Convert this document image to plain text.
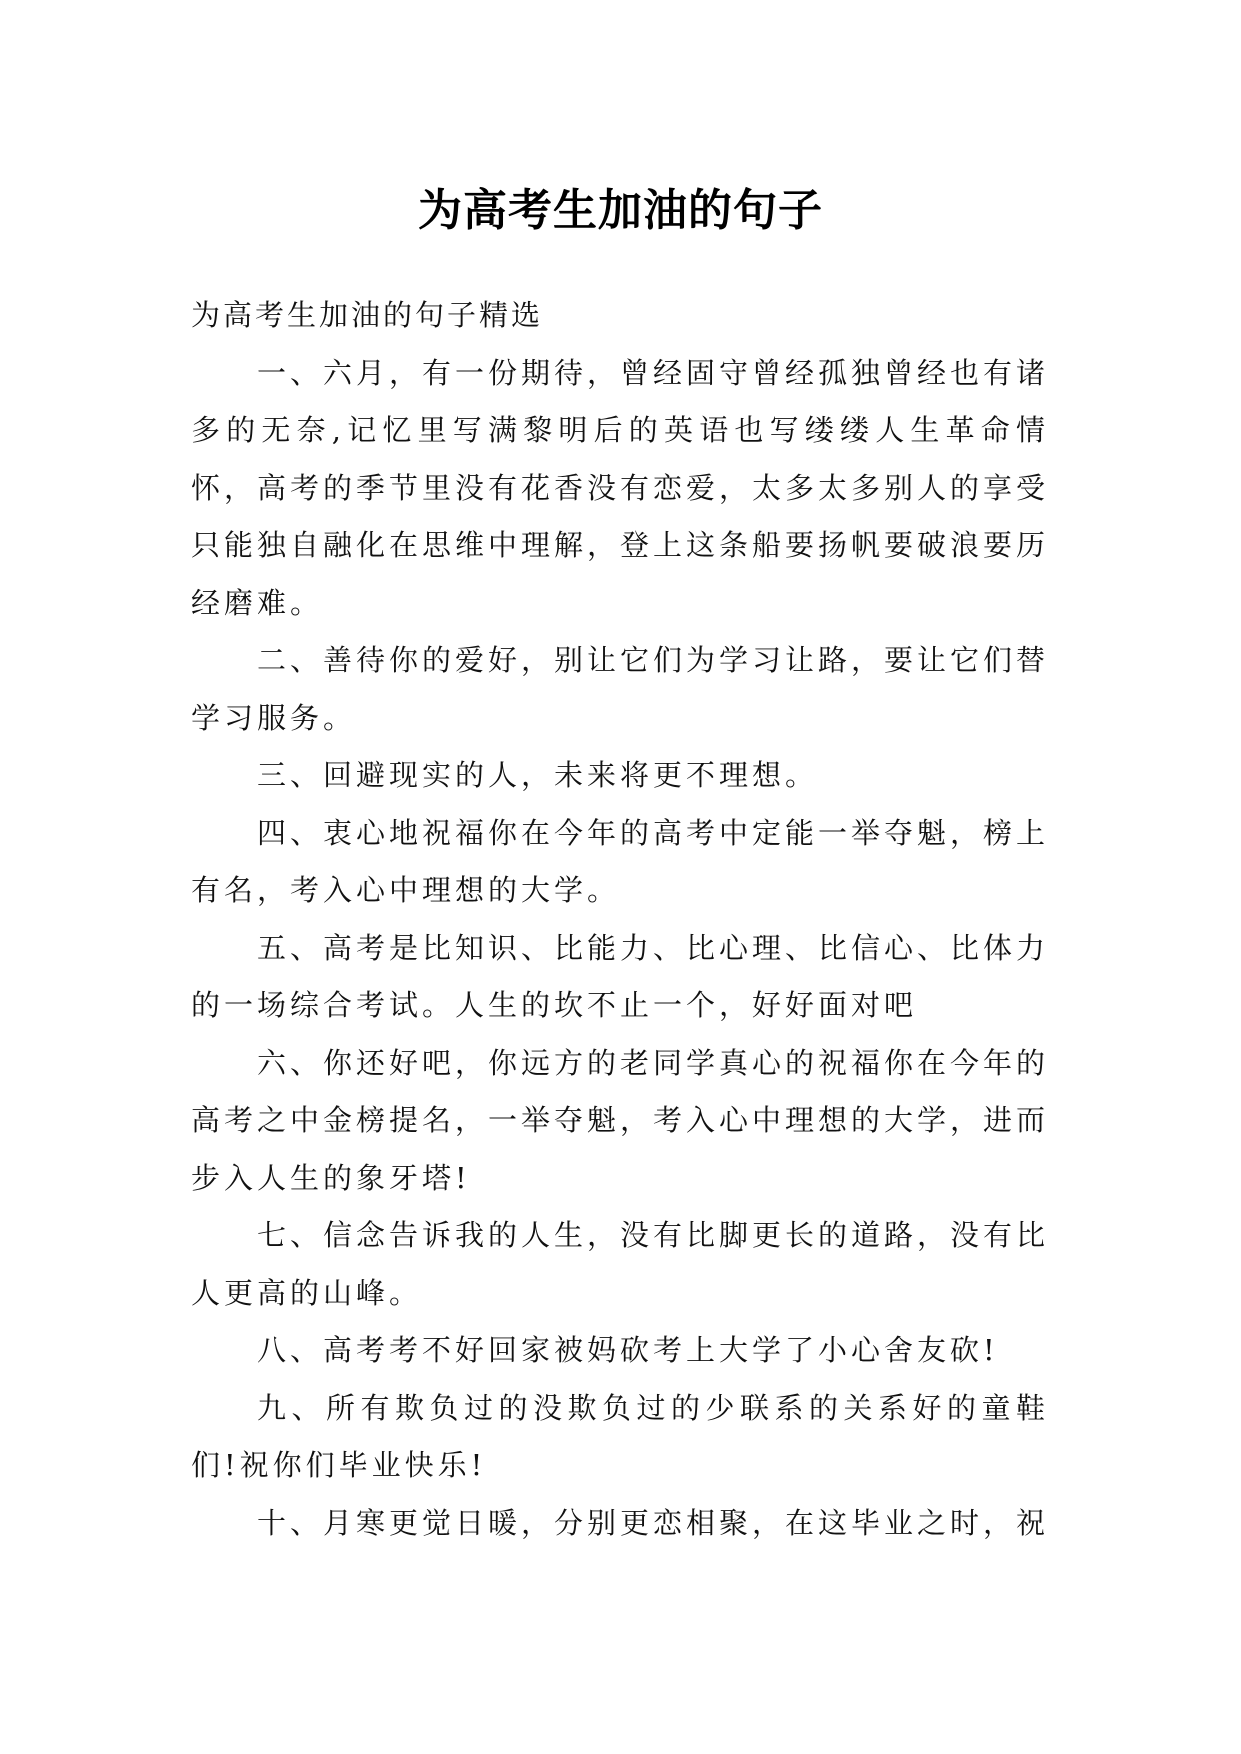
为高考生加油的句子

为高考生加油的句子精选

一、六月，有一份期待，曾经固守曾经孤独曾经也有诸多的无奈,记忆里写满黎明后的英语也写缕缕人生革命情怀，高考的季节里没有花香没有恋爱，太多太多别人的享受只能独自融化在思维中理解，登上这条船要扬帆要破浪要历经磨难。

二、善待你的爱好，别让它们为学习让路，要让它们替学习服务。

三、回避现实的人，未来将更不理想。

四、衷心地祝福你在今年的高考中定能一举夺魁，榜上有名，考入心中理想的大学。

五、高考是比知识、比能力、比心理、比信心、比体力的一场综合考试。人生的坎不止一个，好好面对吧

六、你还好吧，你远方的老同学真心的祝福你在今年的高考之中金榜提名，一举夺魁，考入心中理想的大学，进而步入人生的象牙塔!

七、信念告诉我的人生，没有比脚更长的道路，没有比人更高的山峰。

八、高考考不好回家被妈砍考上大学了小心舍友砍!

九、所有欺负过的没欺负过的少联系的关系好的童鞋们!祝你们毕业快乐!

十、月寒更觉日暖，分别更恋相聚，在这毕业之时，祝
